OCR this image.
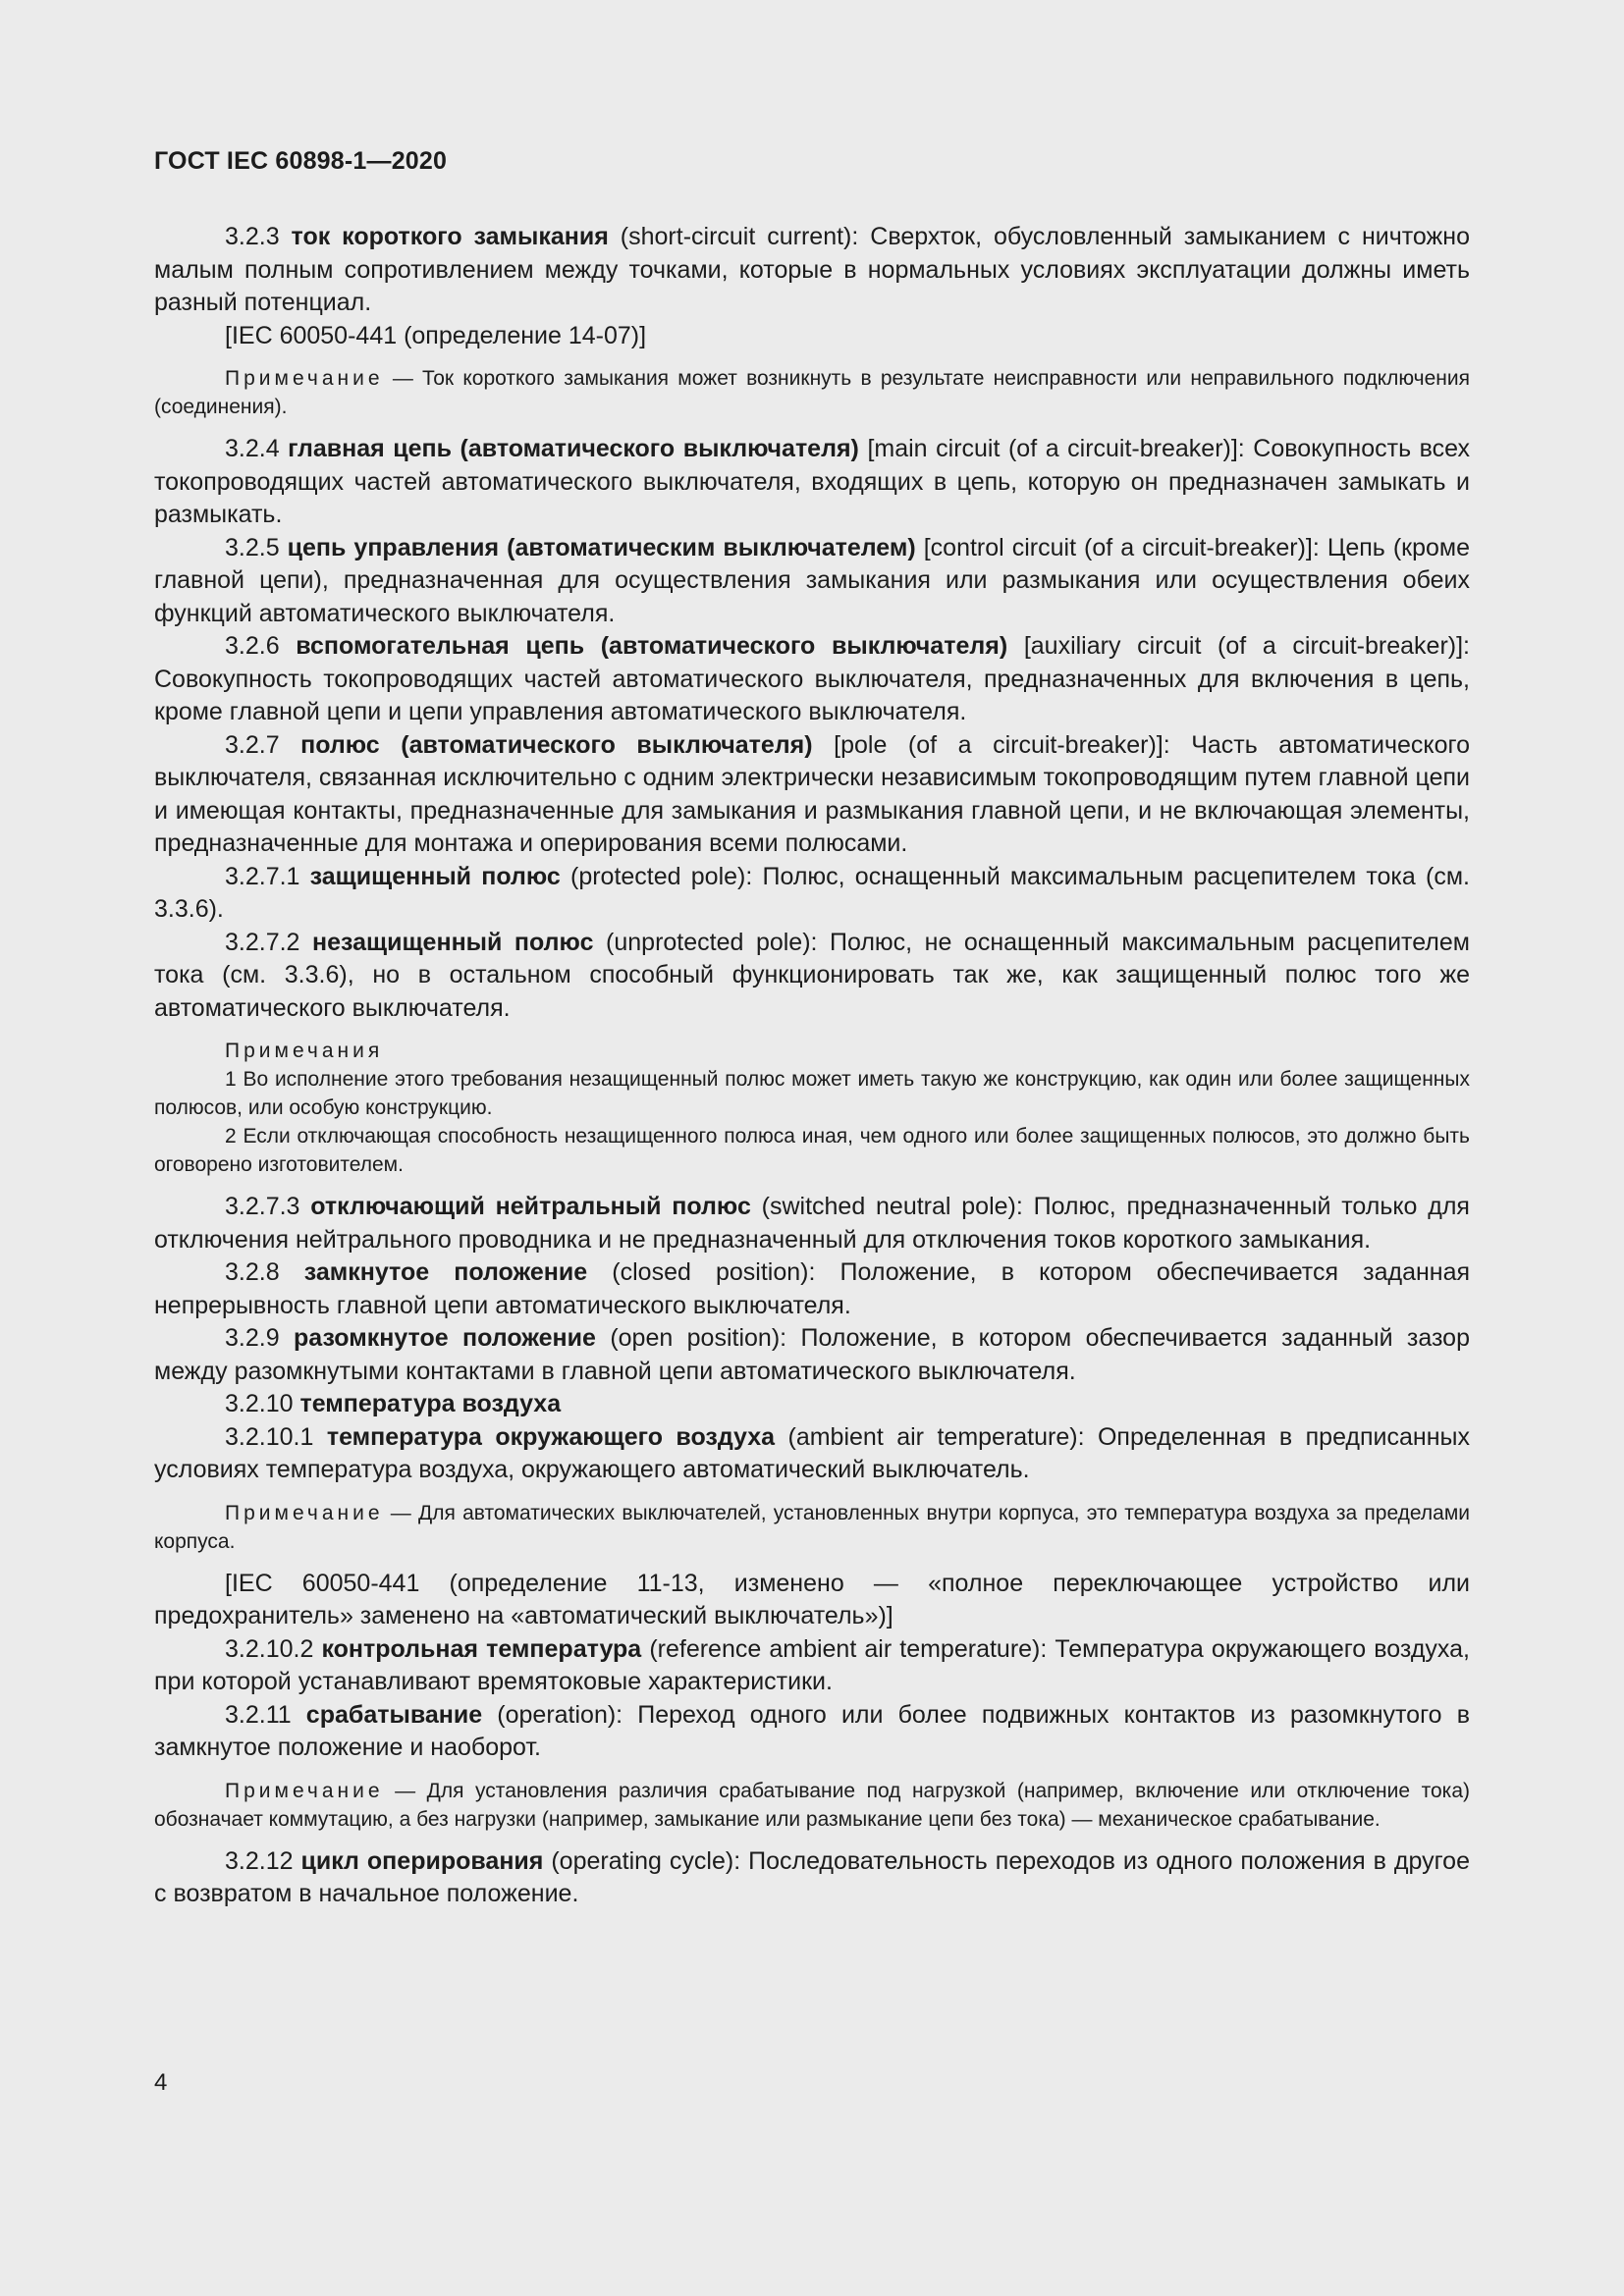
ГОСТ IEC 60898-1—2020

3.2.3 ток короткого замыкания (short-circuit current): Сверхток, обусловленный замыканием с ничтожно малым полным сопротивлением между точками, которые в нормальных условиях эксплуатации должны иметь разный потенциал.

[IEC 60050-441 (определение 14-07)]

Примечание — Ток короткого замыкания может возникнуть в результате неисправности или неправильного подключения (соединения).

3.2.4 главная цепь (автоматического выключателя) [main circuit (of a circuit-breaker)]: Совокупность всех токопроводящих частей автоматического выключателя, входящих в цепь, которую он предназначен замыкать и размыкать.

3.2.5 цепь управления (автоматическим выключателем) [control circuit (of a circuit-breaker)]: Цепь (кроме главной цепи), предназначенная для осуществления замыкания или размыкания или осуществления обеих функций автоматического выключателя.

3.2.6 вспомогательная цепь (автоматического выключателя) [auxiliary circuit (of a circuit-breaker)]: Совокупность токопроводящих частей автоматического выключателя, предназначенных для включения в цепь, кроме главной цепи и цепи управления автоматического выключателя.

3.2.7 полюс (автоматического выключателя) [pole (of a circuit-breaker)]: Часть автоматического выключателя, связанная исключительно с одним электрически независимым токопроводящим путем главной цепи и имеющая контакты, предназначенные для замыкания и размыкания главной цепи, и не включающая элементы, предназначенные для монтажа и оперирования всеми полюсами.

3.2.7.1 защищенный полюс (protected pole): Полюс, оснащенный максимальным расцепителем тока (см. 3.3.6).

3.2.7.2 незащищенный полюс (unprotected pole): Полюс, не оснащенный максимальным расцепителем тока (см. 3.3.6), но в остальном способный функционировать так же, как защищенный полюс того же автоматического выключателя.

Примечания

1 Во исполнение этого требования незащищенный полюс может иметь такую же конструкцию, как один или более защищенных полюсов, или особую конструкцию.

2 Если отключающая способность незащищенного полюса иная, чем одного или более защищенных полюсов, это должно быть оговорено изготовителем.

3.2.7.3 отключающий нейтральный полюс (switched neutral pole): Полюс, предназначенный только для отключения нейтрального проводника и не предназначенный для отключения токов короткого замыкания.

3.2.8 замкнутое положение (closed position): Положение, в котором обеспечивается заданная непрерывность главной цепи автоматического выключателя.

3.2.9 разомкнутое положение (open position): Положение, в котором обеспечивается заданный зазор между разомкнутыми контактами в главной цепи автоматического выключателя.

3.2.10 температура воздуха

3.2.10.1 температура окружающего воздуха (ambient air temperature): Определенная в предписанных условиях температура воздуха, окружающего автоматический выключатель.

Примечание — Для автоматических выключателей, установленных внутри корпуса, это температура воздуха за пределами корпуса.

[IEC 60050-441 (определение 11-13, изменено — «полное переключающее устройство или предохранитель» заменено на «автоматический выключатель»)]

3.2.10.2 контрольная температура (reference ambient air temperature): Температура окружающего воздуха, при которой устанавливают времятоковые характеристики.

3.2.11 срабатывание (operation): Переход одного или более подвижных контактов из разомкнутого в замкнутое положение и наоборот.

Примечание — Для установления различия срабатывание под нагрузкой (например, включение или отключение тока) обозначает коммутацию, а без нагрузки (например, замыкание или размыкание цепи без тока) — механическое срабатывание.

3.2.12 цикл оперирования (operating cycle): Последовательность переходов из одного положения в другое с возвратом в начальное положение.

4
